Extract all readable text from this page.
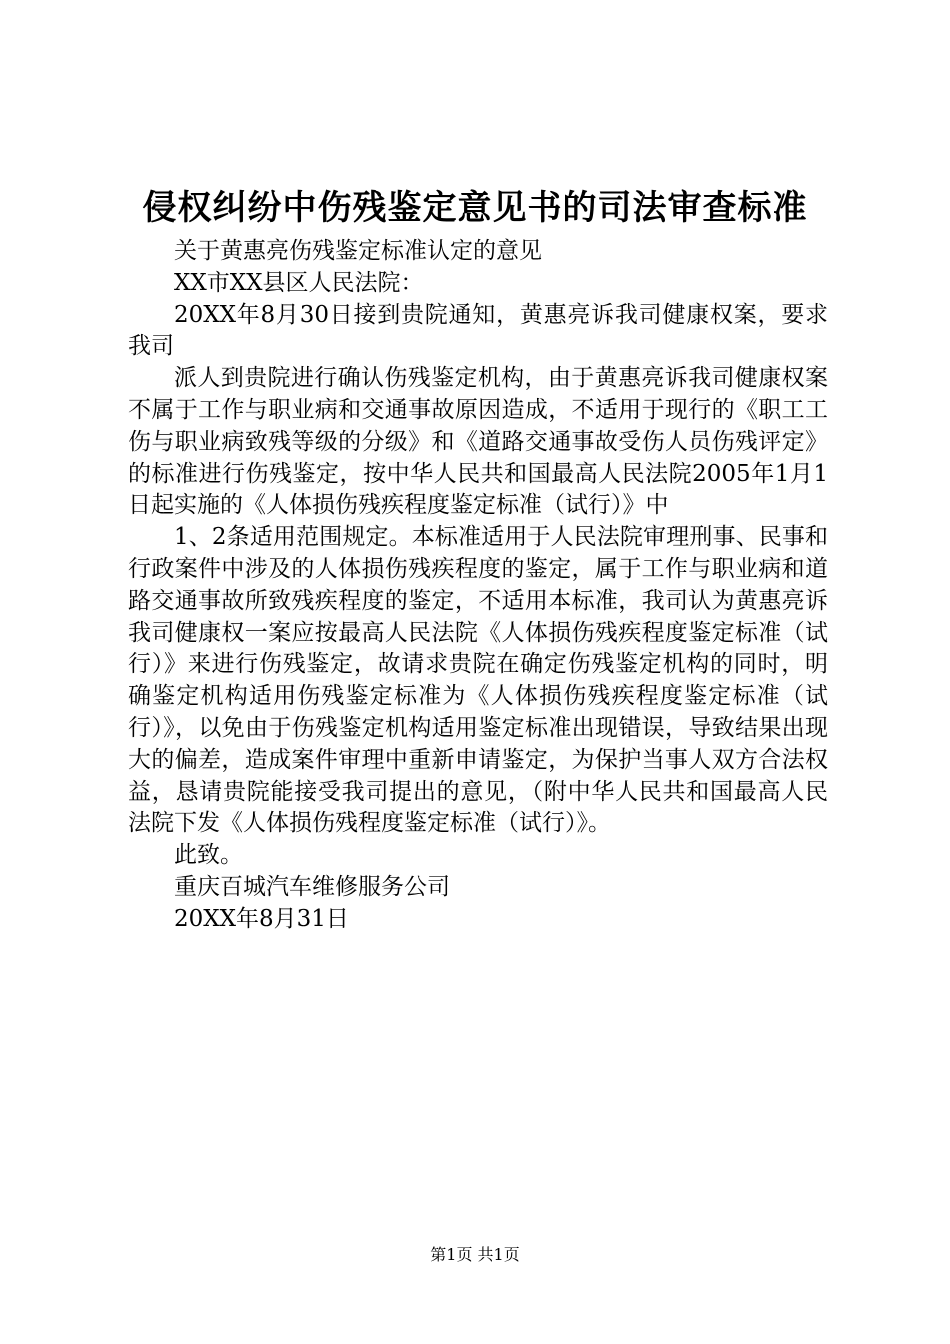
侵权纠纷中伤残鉴定意见书的司法审查标准

关于黄惠亮伤残鉴定标准认定的意见

XX市XX县区人民法院：

20XX年8月30日接到贵院通知，黄惠亮诉我司健康权案，要求我司

派人到贵院进行确认伤残鉴定机构，由于黄惠亮诉我司健康权案不属于工作与职业病和交通事故原因造成，不适用于现行的《职工工伤与职业病致残等级的分级》和《道路交通事故受伤人员伤残评定》的标准进行伤残鉴定，按中华人民共和国最高人民法院2005年1月1日起实施的《人体损伤残疾程度鉴定标准（试行）》中

1、2条适用范围规定。本标准适用于人民法院审理刑事、民事和行政案件中涉及的人体损伤残疾程度的鉴定，属于工作与职业病和道路交通事故所致残疾程度的鉴定，不适用本标准，我司认为黄惠亮诉我司健康权一案应按最高人民法院《人体损伤残疾程度鉴定标准（试行）》来进行伤残鉴定，故请求贵院在确定伤残鉴定机构的同时，明确鉴定机构适用伤残鉴定标准为《人体损伤残疾程度鉴定标准（试行）》，以免由于伤残鉴定机构适用鉴定标准出现错误，导致结果出现大的偏差，造成案件审理中重新申请鉴定，为保护当事人双方合法权益，恳请贵院能接受我司提出的意见，（附中华人民共和国最高人民法院下发《人体损伤残程度鉴定标准（试行）》。

此致。

重庆百城汽车维修服务公司

20XX年8月31日

第1页 共1页
